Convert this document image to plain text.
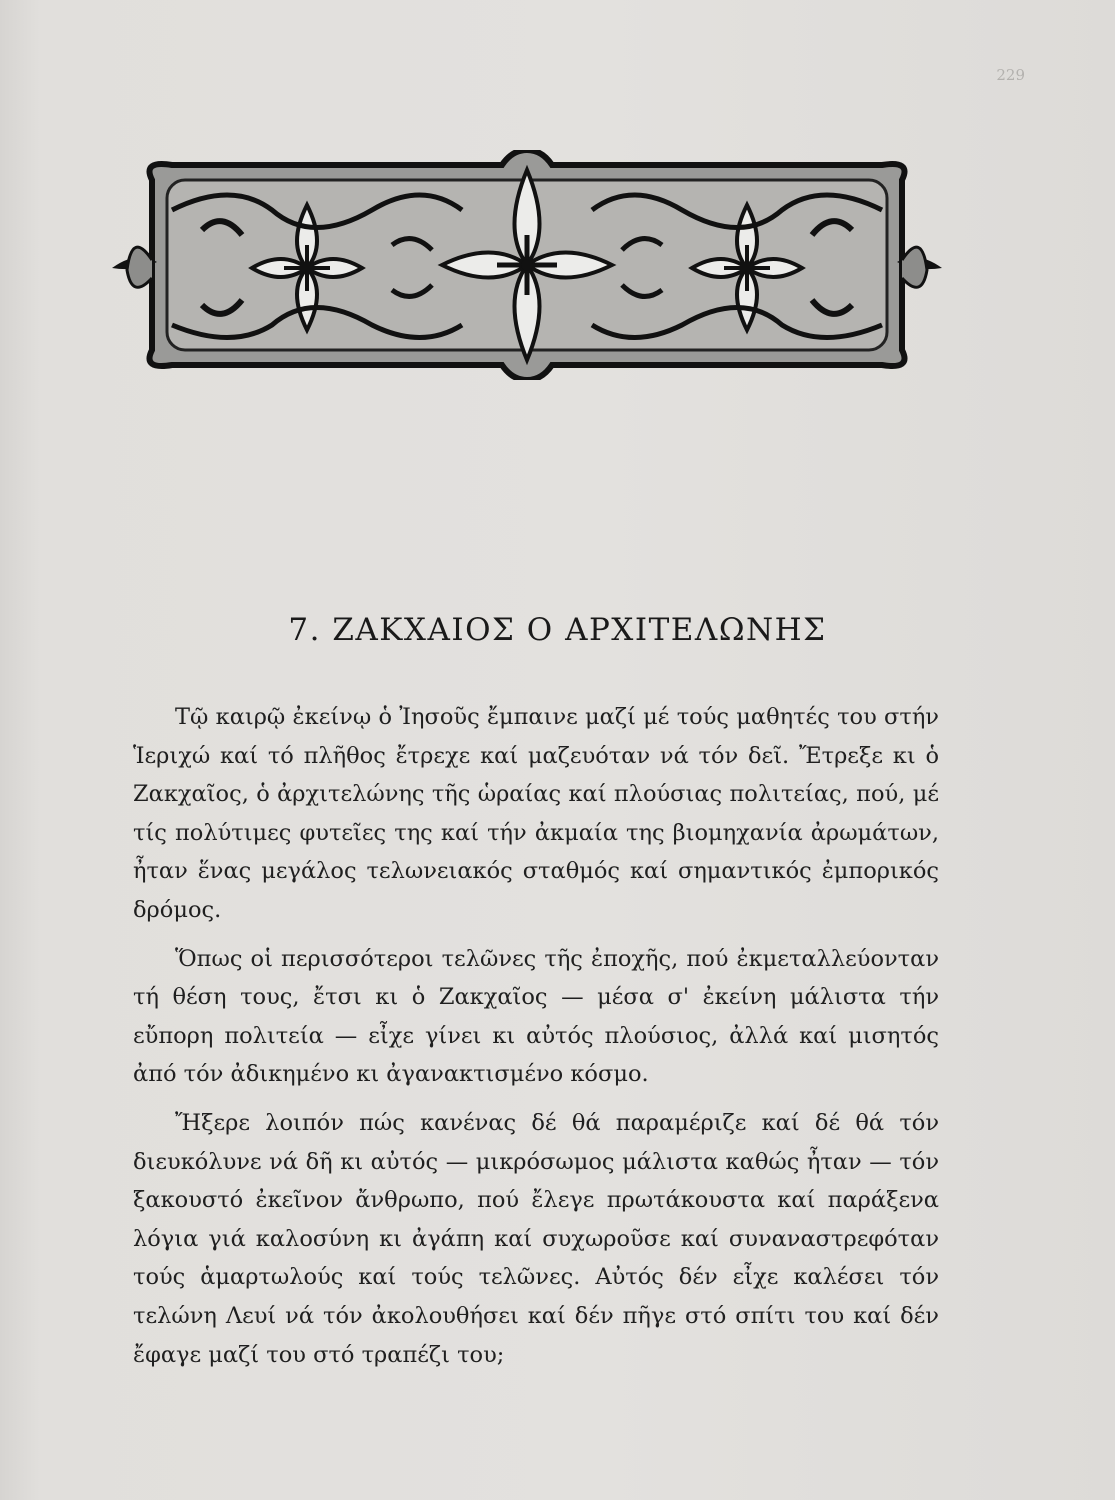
229
7. ΖΑΚΧΑΙΟΣ Ο ΑΡΧΙΤΕΛΩΝΗΣ

Τῷ καιρῷ ἐκείνῳ ὁ Ἰησοῦς ἔμπαινε μαζί μέ τούς μαθητές του στήν Ἱεριχώ καί τό πλῆθος ἔτρεχε καί μαζευόταν νά τόν δεῖ. Ἔτρεξε κι ὁ Ζακχαῖος, ὁ ἀρχιτελώνης τῆς ὡραίας καί πλούσιας πολιτείας, πού, μέ τίς πολύτιμες φυτεῖες της καί τήν ἀκμαία της βιομηχανία ἀρωμάτων, ἦταν ἕνας μεγάλος τελωνειακός σταθμός καί σημαντικός ἐμπορικός δρόμος.

Ὅπως οἱ περισσότεροι τελῶνες τῆς ἐποχῆς, πού ἐκμεταλλεύονταν τή θέση τους, ἔτσι κι ὁ Ζακχαῖος — μέσα σ' ἐκείνη μάλιστα τήν εὔπορη πολιτεία — εἶχε γίνει κι αὐτός πλούσιος, ἀλλά καί μισητός ἀπό τόν ἀδικημένο κι ἀγανακτισμένο κόσμο.

Ἤξερε λοιπόν πώς κανένας δέ θά παραμέριζε καί δέ θά τόν διευκόλυνε νά δῆ κι αὐτός — μικρόσωμος μάλιστα καθώς ἦταν — τόν ξακουστό ἐκεῖνον ἄνθρωπο, πού ἔλεγε πρωτάκουστα καί παράξενα λόγια γιά καλοσύνη κι ἀγάπη καί συχωροῦσε καί συναναστρεφόταν τούς ἁμαρτωλούς καί τούς τελῶνες. Αὐτός δέν εἶχε καλέσει τόν τελώνη Λευί νά τόν ἀκολουθήσει καί δέν πῆγε στό σπίτι του καί δέν ἔφαγε μαζί του στό τραπέζι του;
